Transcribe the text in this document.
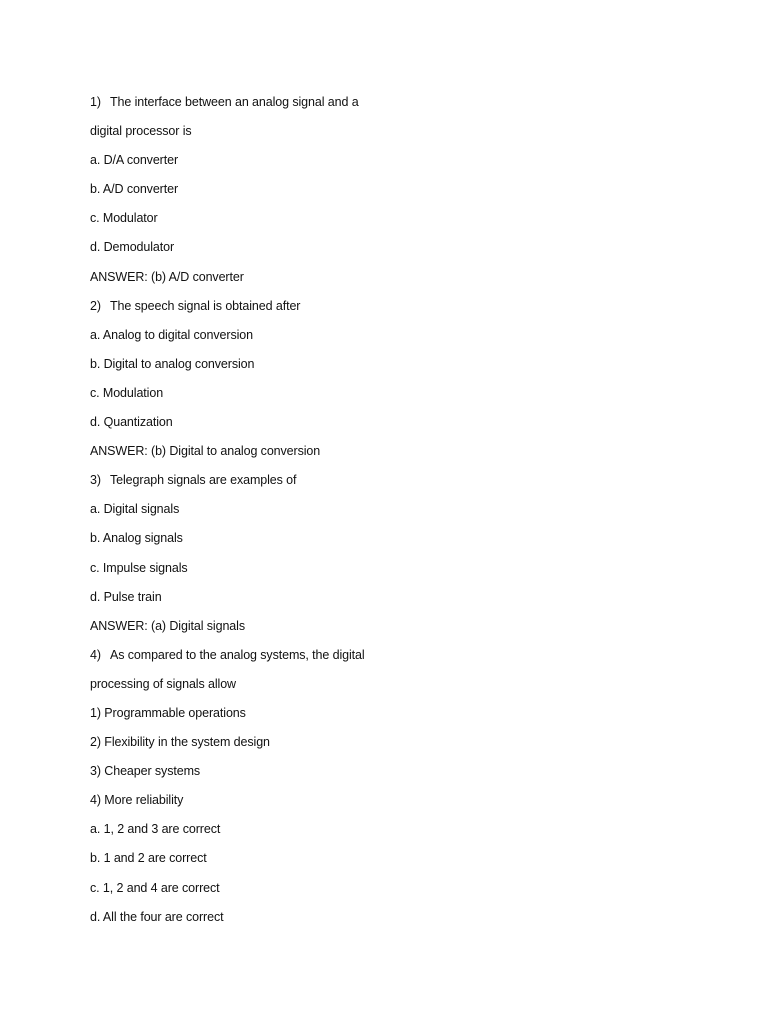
1) The interface between an analog signal and a
digital processor is
a. D/A converter
b. A/D converter
c. Modulator
d. Demodulator
ANSWER: (b) A/D converter
2) The speech signal is obtained after
a. Analog to digital conversion
b. Digital to analog conversion
c. Modulation
d. Quantization
ANSWER: (b) Digital to analog conversion
3) Telegraph signals are examples of
a. Digital signals
b. Analog signals
c. Impulse signals
d. Pulse train
ANSWER: (a) Digital signals
4) As compared to the analog systems, the digital
processing of signals allow
1) Programmable operations
2) Flexibility in the system design
3) Cheaper systems
4) More reliability
a. 1, 2 and 3 are correct
b. 1 and 2 are correct
c. 1, 2 and 4 are correct
d. All the four are correct
